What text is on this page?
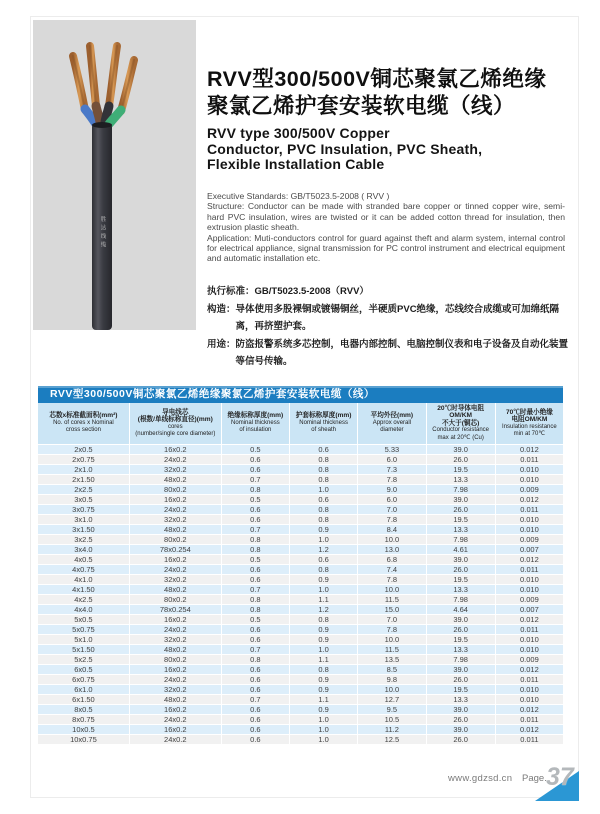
胜达线缆
RVV型300/500V铜芯聚氯乙烯绝缘
聚氯乙烯护套安装软电缆（线）
RVV type 300/500V Copper
Conductor, PVC Insulation, PVC Sheath,
Flexible Installation Cable
Executive Standards: GB/T5023.5-2008 ( RVV )
Structure: Conductor can be made with stranded bare copper or tinned copper wire, semi-hard PVC insulation, wires are twisted or it can be added cotton thread for insulation, then extrusion plastic sheath.
Application: Muti-conductors control for guard against theft and alarm system, internal control for electrical appliance, signal transmission for PC control instrument and electrical equipment and automatic installation etc.
执行标准：GB/T5023.5-2008（RVV）
构造：导体使用多股裸铜或镀锡铜丝，半硬质PVC绝缘，芯线绞合成缆或可加绵纸隔离，再挤塑护套。
用途：防盗报警系统多芯控制，电器内部控制、电脑控制仪表和电子设备及自动化装置等信号传输。
RVV型300/500V铜芯聚氯乙烯绝缘聚氯乙烯护套安装软电缆（线）
芯数x标准截面积(mm²)
No. of cores x Nominal
cross section
导电线芯
(根数/单线标称直径)(mm)
cores
(number/single core diameter)
绝缘标称厚度(mm)
Nominal thickness
of insulation
护套标称厚度(mm)
Nominal thickness
of sheath
平均外径(mm)
Approx overall
diameter
20℃时导体电阻OM/KM
不大于(铜芯)
Conductor resistance
max at 20℃ (Cu)
70℃时最小绝缘
电阻OM/KM
Insulation resistance
min at 70℃
2x0.5	16x0.2	0.5	0.6	5.33	39.0	0.012
2x0.75	24x0.2	0.6	0.8	6.0	26.0	0.011
2x1.0	32x0.2	0.6	0.8	7.3	19.5	0.010
2x1.50	48x0.2	0.7	0.8	7.8	13.3	0.010
2x2.5	80x0.2	0.8	1.0	9.0	7.98	0.009
3x0.5	16x0.2	0.5	0.6	6.0	39.0	0.012
3x0.75	24x0.2	0.6	0.8	7.0	26.0	0.011
3x1.0	32x0.2	0.6	0.8	7.8	19.5	0.010
3x1.50	48x0.2	0.7	0.9	8.4	13.3	0.010
3x2.5	80x0.2	0.8	1.0	10.0	7.98	0.009
3x4.0	78x0.254	0.8	1.2	13.0	4.61	0.007
4x0.5	16x0.2	0.5	0.6	6.8	39.0	0.012
4x0.75	24x0.2	0.6	0.8	7.4	26.0	0.011
4x1.0	32x0.2	0.6	0.9	7.8	19.5	0.010
4x1.50	48x0.2	0.7	1.0	10.0	13.3	0.010
4x2.5	80x0.2	0.8	1.1	11.5	7.98	0.009
4x4.0	78x0.254	0.8	1.2	15.0	4.64	0.007
5x0.5	16x0.2	0.5	0.8	7.0	39.0	0.012
5x0.75	24x0.2	0.6	0.9	7.8	26.0	0.011
5x1.0	32x0.2	0.6	0.9	10.0	19.5	0.010
5x1.50	48x0.2	0.7	1.0	11.5	13.3	0.010
5x2.5	80x0.2	0.8	1.1	13.5	7.98	0.009
6x0.5	16x0.2	0.6	0.8	8.5	39.0	0.012
6x0.75	24x0.2	0.6	0.9	9.8	26.0	0.011
6x1.0	32x0.2	0.6	0.9	10.0	19.5	0.010
6x1.50	48x0.2	0.7	1.1	12.7	13.3	0.010
8x0.5	16x0.2	0.6	0.9	9.5	39.0	0.012
8x0.75	24x0.2	0.6	1.0	10.5	26.0	0.011
10x0.5	16x0.2	0.6	1.0	11.2	39.0	0.012
10x0.75	24x0.2	0.6	1.0	12.5	26.0	0.011
www.gdzsd.cn Page. 37
